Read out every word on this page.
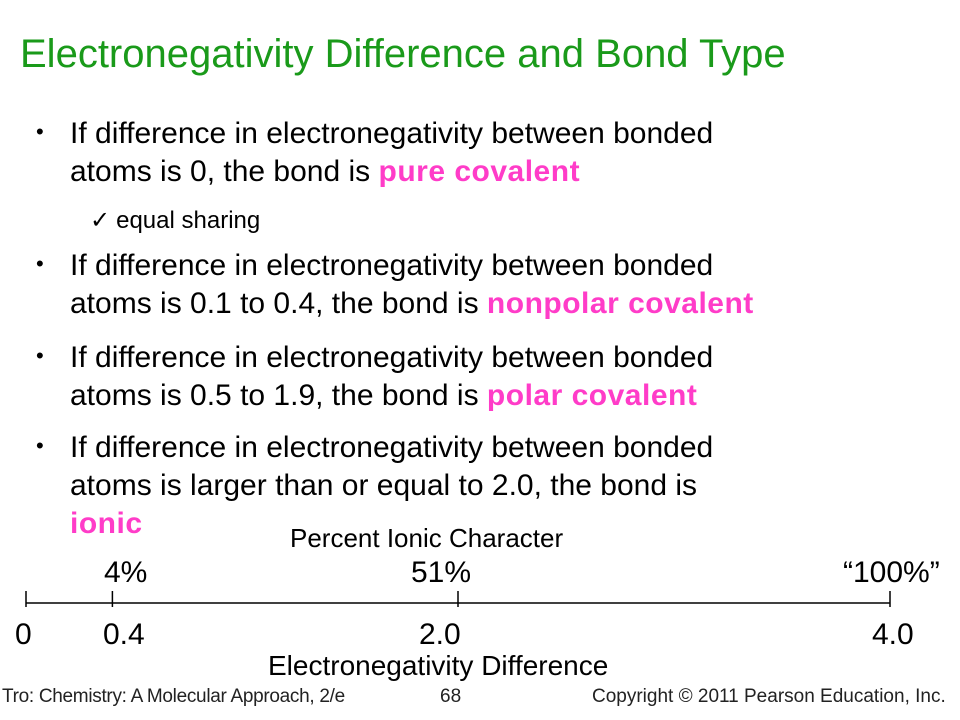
Electronegativity Difference and Bond Type
• If difference in electronegativity between bonded
atoms is 0, the bond is pure covalent
✓ equal sharing
• If difference in electronegativity between bonded
atoms is 0.1 to 0.4, the bond is nonpolar covalent
• If difference in electronegativity between bonded
atoms is 0.5 to 1.9, the bond is polar covalent
• If difference in electronegativity between bonded
atoms is larger than or equal to 2.0, the bond is
ionic	Percent Ionic Character
4%	51%	“100%”
0 0.4	2.0	4.0
Electronegativity Difference
Tro: Chemistry: A Molecular Approach, 2/e	68	Copyright © 2011 Pearson Education, Inc.
